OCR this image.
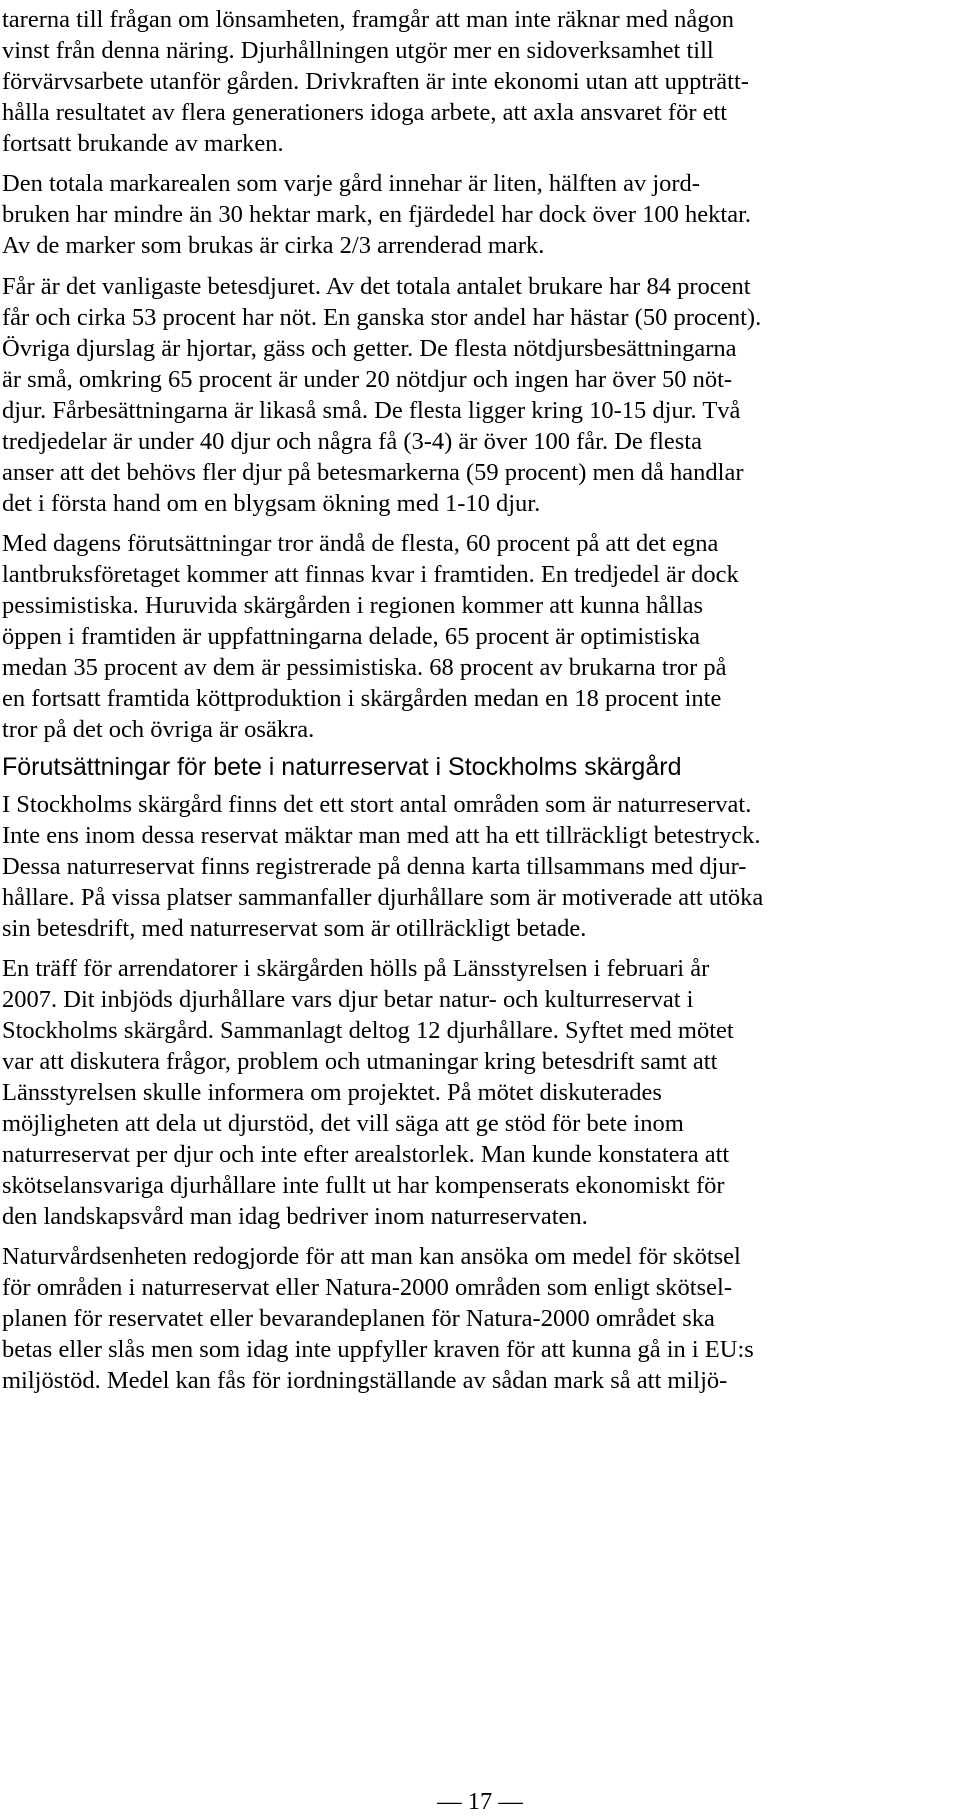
tarerna till frågan om lönsamheten, framgår att man inte räknar med någon
vinst från denna näring. Djurhållningen utgör mer en sidoverksamhet till
förvärvsarbete utanför gården. Drivkraften är inte ekonomi utan att uppträtt-
hålla resultatet av flera generationers idoga arbete, att axla ansvaret för ett
fortsatt brukande av marken.
Den totala markarealen som varje gård innehar är liten, hälften av jord-
bruken har mindre än 30 hektar mark, en fjärdedel har dock över 100 hektar.
Av de marker som brukas är cirka 2/3 arrenderad mark.
Får är det vanligaste betesdjuret. Av det totala antalet brukare har 84 procent
får och cirka 53 procent har nöt. En ganska stor andel har hästar (50 procent).
Övriga djurslag är hjortar, gäss och getter. De flesta nötdjursbesättningarna
är små, omkring 65 procent är under 20 nötdjur och ingen har över 50 nöt-
djur. Fårbesättningarna är likaså små. De flesta ligger kring 10-15 djur. Två
tredjedelar är under 40 djur och några få (3-4) är över 100 får. De flesta
anser att det behövs fler djur på betesmarkerna (59 procent) men då handlar
det i första hand om en blygsam ökning med 1-10 djur.
Med dagens förutsättningar tror ändå de flesta, 60 procent på att det egna
lantbruksföretaget kommer att finnas kvar i framtiden. En tredjedel är dock
pessimistiska. Huruvida skärgården i regionen kommer att kunna hållas
öppen i framtiden är uppfattningarna delade, 65 procent är optimistiska
medan 35 procent av dem är pessimistiska. 68 procent av brukarna tror på
en fortsatt framtida köttproduktion i skärgården medan en 18 procent inte
tror på det och övriga är osäkra.
Förutsättningar för bete i naturreservat i Stockholms skärgård
I Stockholms skärgård finns det ett stort antal områden som är naturreservat.
Inte ens inom dessa reservat mäktar man med att ha ett tillräckligt betestryck.
Dessa naturreservat finns registrerade på denna karta tillsammans med djur-
hållare. På vissa platser sammanfaller djurhållare som är motiverade att utöka
sin betesdrift, med naturreservat som är otillräckligt betade.
En träff för arrendatorer i skärgården hölls på Länsstyrelsen i februari år
2007. Dit inbjöds djurhållare vars djur betar natur- och kulturreservat i
Stockholms skärgård. Sammanlagt deltog 12 djurhållare. Syftet med mötet
var att diskutera frågor, problem och utmaningar kring betesdrift samt att
Länsstyrelsen skulle informera om projektet. På mötet diskuterades
möjligheten att dela ut djurstöd, det vill säga att ge stöd för bete inom
naturreservat per djur och inte efter arealstorlek. Man kunde konstatera att
skötselansvariga djurhållare inte fullt ut har kompenserats ekonomiskt för
den landskapsvård man idag bedriver inom naturreservaten.
Naturvårdsenheten redogjorde för att man kan ansöka om medel för skötsel
för områden i naturreservat eller Natura-2000 områden som enligt skötsel-
planen för reservatet eller bevarandeplanen för Natura-2000 området ska
betas eller slås men som idag inte uppfyller kraven för att kunna gå in i EU:s
miljöstöd. Medel kan fås för iordningställande av sådan mark så att miljö-
— 17 —
